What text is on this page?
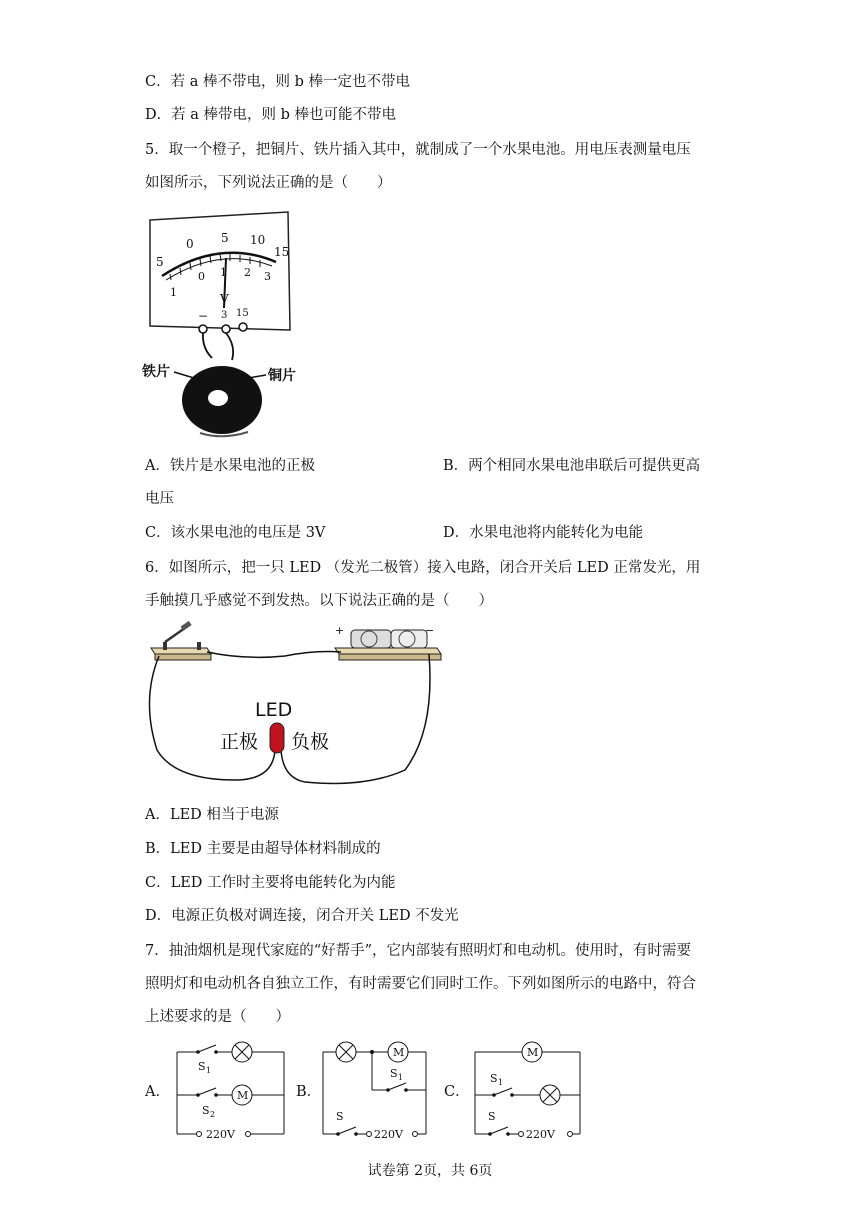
C．若 a 棒不带电，则 b 棒一定也不带电
D．若 a 棒带电，则 b 棒也可能不带电
5．取一个橙子，把铜片、铁片插入其中，就制成了一个水果电池。用电压表测量电压
如图所示，下列说法正确的是（　　）
5
0 5 10
15
1
0 1 2 3
V
− 3 15
铁片	铜片
A．铁片是水果电池的正极	B．两个相同水果电池串联后可提供更高
电压
C．该水果电池的电压是 3V	D．水果电池将内能转化为电能
6．如图所示，把一只 LED （发光二极管）接入电路，闭合开关后 LED 正常发光，用
手触摸几乎感觉不到发热。以下说法正确的是（　　）
+	−
LED
正极 负极
A．LED 相当于电源
B．LED 主要是由超导体材料制成的
C．LED 工作时主要将电能转化为内能
D．电源正负极对调连接，闭合开关 LED 不发光
7．抽油烟机是现代家庭的“好帮手”，它内部装有照明灯和电动机。使用时，有时需要
照明灯和电动机各自独立工作，有时需要它们同时工作。下列如图所示的电路中，符合
上述要求的是（　　）
A．	B．	C．
M
S 1
S 2
220V
M
S 1
S
220V
M
S 1
S
220V
试卷第 2页，共 6页
